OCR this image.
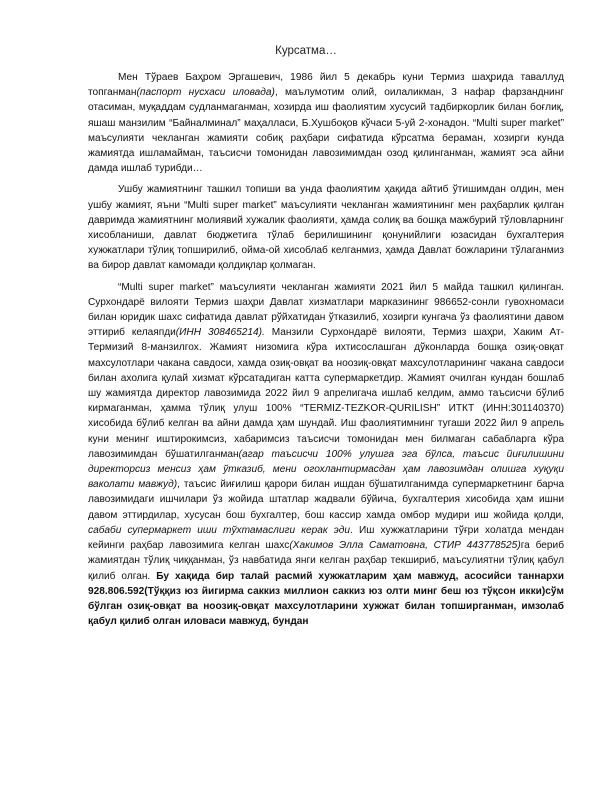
Курсатма…

Мен Тўраев Баҳром Эргашевич, 1986 йил 5 декабрь куни Термиз шаҳрида таваллуд топганман(паспорт нусхаси иловада), маълумотим олий, оилаликман, 3 нафар фарзанднинг отасиман, муқаддам судланмаганман, хозирда иш фаолиятим хусусий тадбиркорлик билан боғлиқ, яшаш манзилим “Байналминал” маҳалласи, Б.Хушбоқов кўчаси 5-уй 2-хонадон. “Multi super market” маъсулияти чекланган жамияти собиқ раҳбари сифатида кўрсатма бераман, хозирги кунда жамиятда ишламайман, таъсисчи томонидан лавозимимдан озод қилинганман, жамият эса айни дамда ишлаб турибди…

Ушбу жамиятнинг ташкил топиши ва унда фаолиятим ҳақида айтиб ўтишимдан олдин, мен ушбу жамият, яъни “Multi super market” маъсулияти чекланган жамиятининг мен раҳбарлик қилган давримда жамиятнинг молиявий хужалик фаолияти, ҳамда солиқ ва бошқа мажбурий тўловларнинг хисобланиши, давлат бюджетига тўлаб берилишининг қонунийлиги юзасидан бухгалтерия хужжатлари тўлиқ топширилиб, ойма-ой хисоблаб келганмиз, ҳамда Давлат божларини тўлаганмиз ва бирор давлат камомади қолдиқлар қолмаган.

“Multi super market” маъсулияти чекланган жамияти 2021 йил 5 майда ташкил қилинган. Сурхондарё вилояти Термиз шаҳри Давлат хизматлари марказининг 986652-сонли гувохномаси билан юридик шахс сифатида давлат рўйхатидан ўтказилиб, хозирги кунгача ўз фаолиятини давом эттириб келаяпди(ИНН 308465214). Манзили Сурхондарё вилояти, Термиз шаҳри, Хаким Ат-Термизий 8-манзилгох. Жамият низомига кўра ихтисослашган дўконларда бошқа озиқ-овқат махсулотлари чакана савдоси, хамда озиқ-овқат ва ноозиқ-овқат махсулотларининг чакана савдоси билан ахолига қулай хизмат кўрсатадиган катта супермаркетдир. Жамият очилган кундан бошлаб шу жамиятда директор лавозимида 2022 йил 9 апрелигача ишлаб келдим, аммо таъсисчи бўлиб кирмаганман, ҳамма тўлиқ улуш 100% “TERMIZ-TEZKOR-QURILISH” ИТКТ (ИНН:301140370) хисобида бўлиб келган ва айни дамда ҳам шундай. Иш фаолиятимнинг тугаши 2022 йил 9 апрель куни менинг иштирокимсиз, хабаримсиз таъсисчи томонидан мен билмаган сабабларга кўра лавозимимдан бўшатилганман(агар таъсисчи 100% улушга эга бўлса, таъсис йиғилишини директорсиз менсиз ҳам ўтказиб, мени огохлантирмасдан ҳам лавозимдан олишга хуқуқи ваколати мавжуд), таъсис йиғилиш қарори билан ишдан бўшатилганимда супермаркетнинг барча лавозимидаги ишчилари ўз жойида штатлар жадвали бўйича, бухгалтерия хисобида ҳам ишни давом эттирдилар, хусусан бош бухгалтер, бош кассир хамда омбор мудири иш жойида қолди, сабаби супермаркет иши тўхтамаслиги керак эди. Иш хужжатларини тўғри холатда мендан кейинги раҳбар лавозимига келган шахс(Хакимов Элла Саматовна, СТИР 443778525)га бериб жамиятдан тўлиқ чиққанман, ўз навбатида янги келган раҳбар текшириб, маъсулиятни тўлиқ қабул қилиб олган. Бу хақида бир талай расмий хужжатларим ҳам мавжуд, асосийси таннархи 928.806.592(Тўққиз юз йигирма саккиз миллион саккиз юз олти минг беш юз тўқсон икки)сўм бўлган озиқ-овқат ва ноозиқ-овқат махсулотларини хужжат билан топширганман, имзолаб қабул қилиб олган иловаси мавжуд, бундан
